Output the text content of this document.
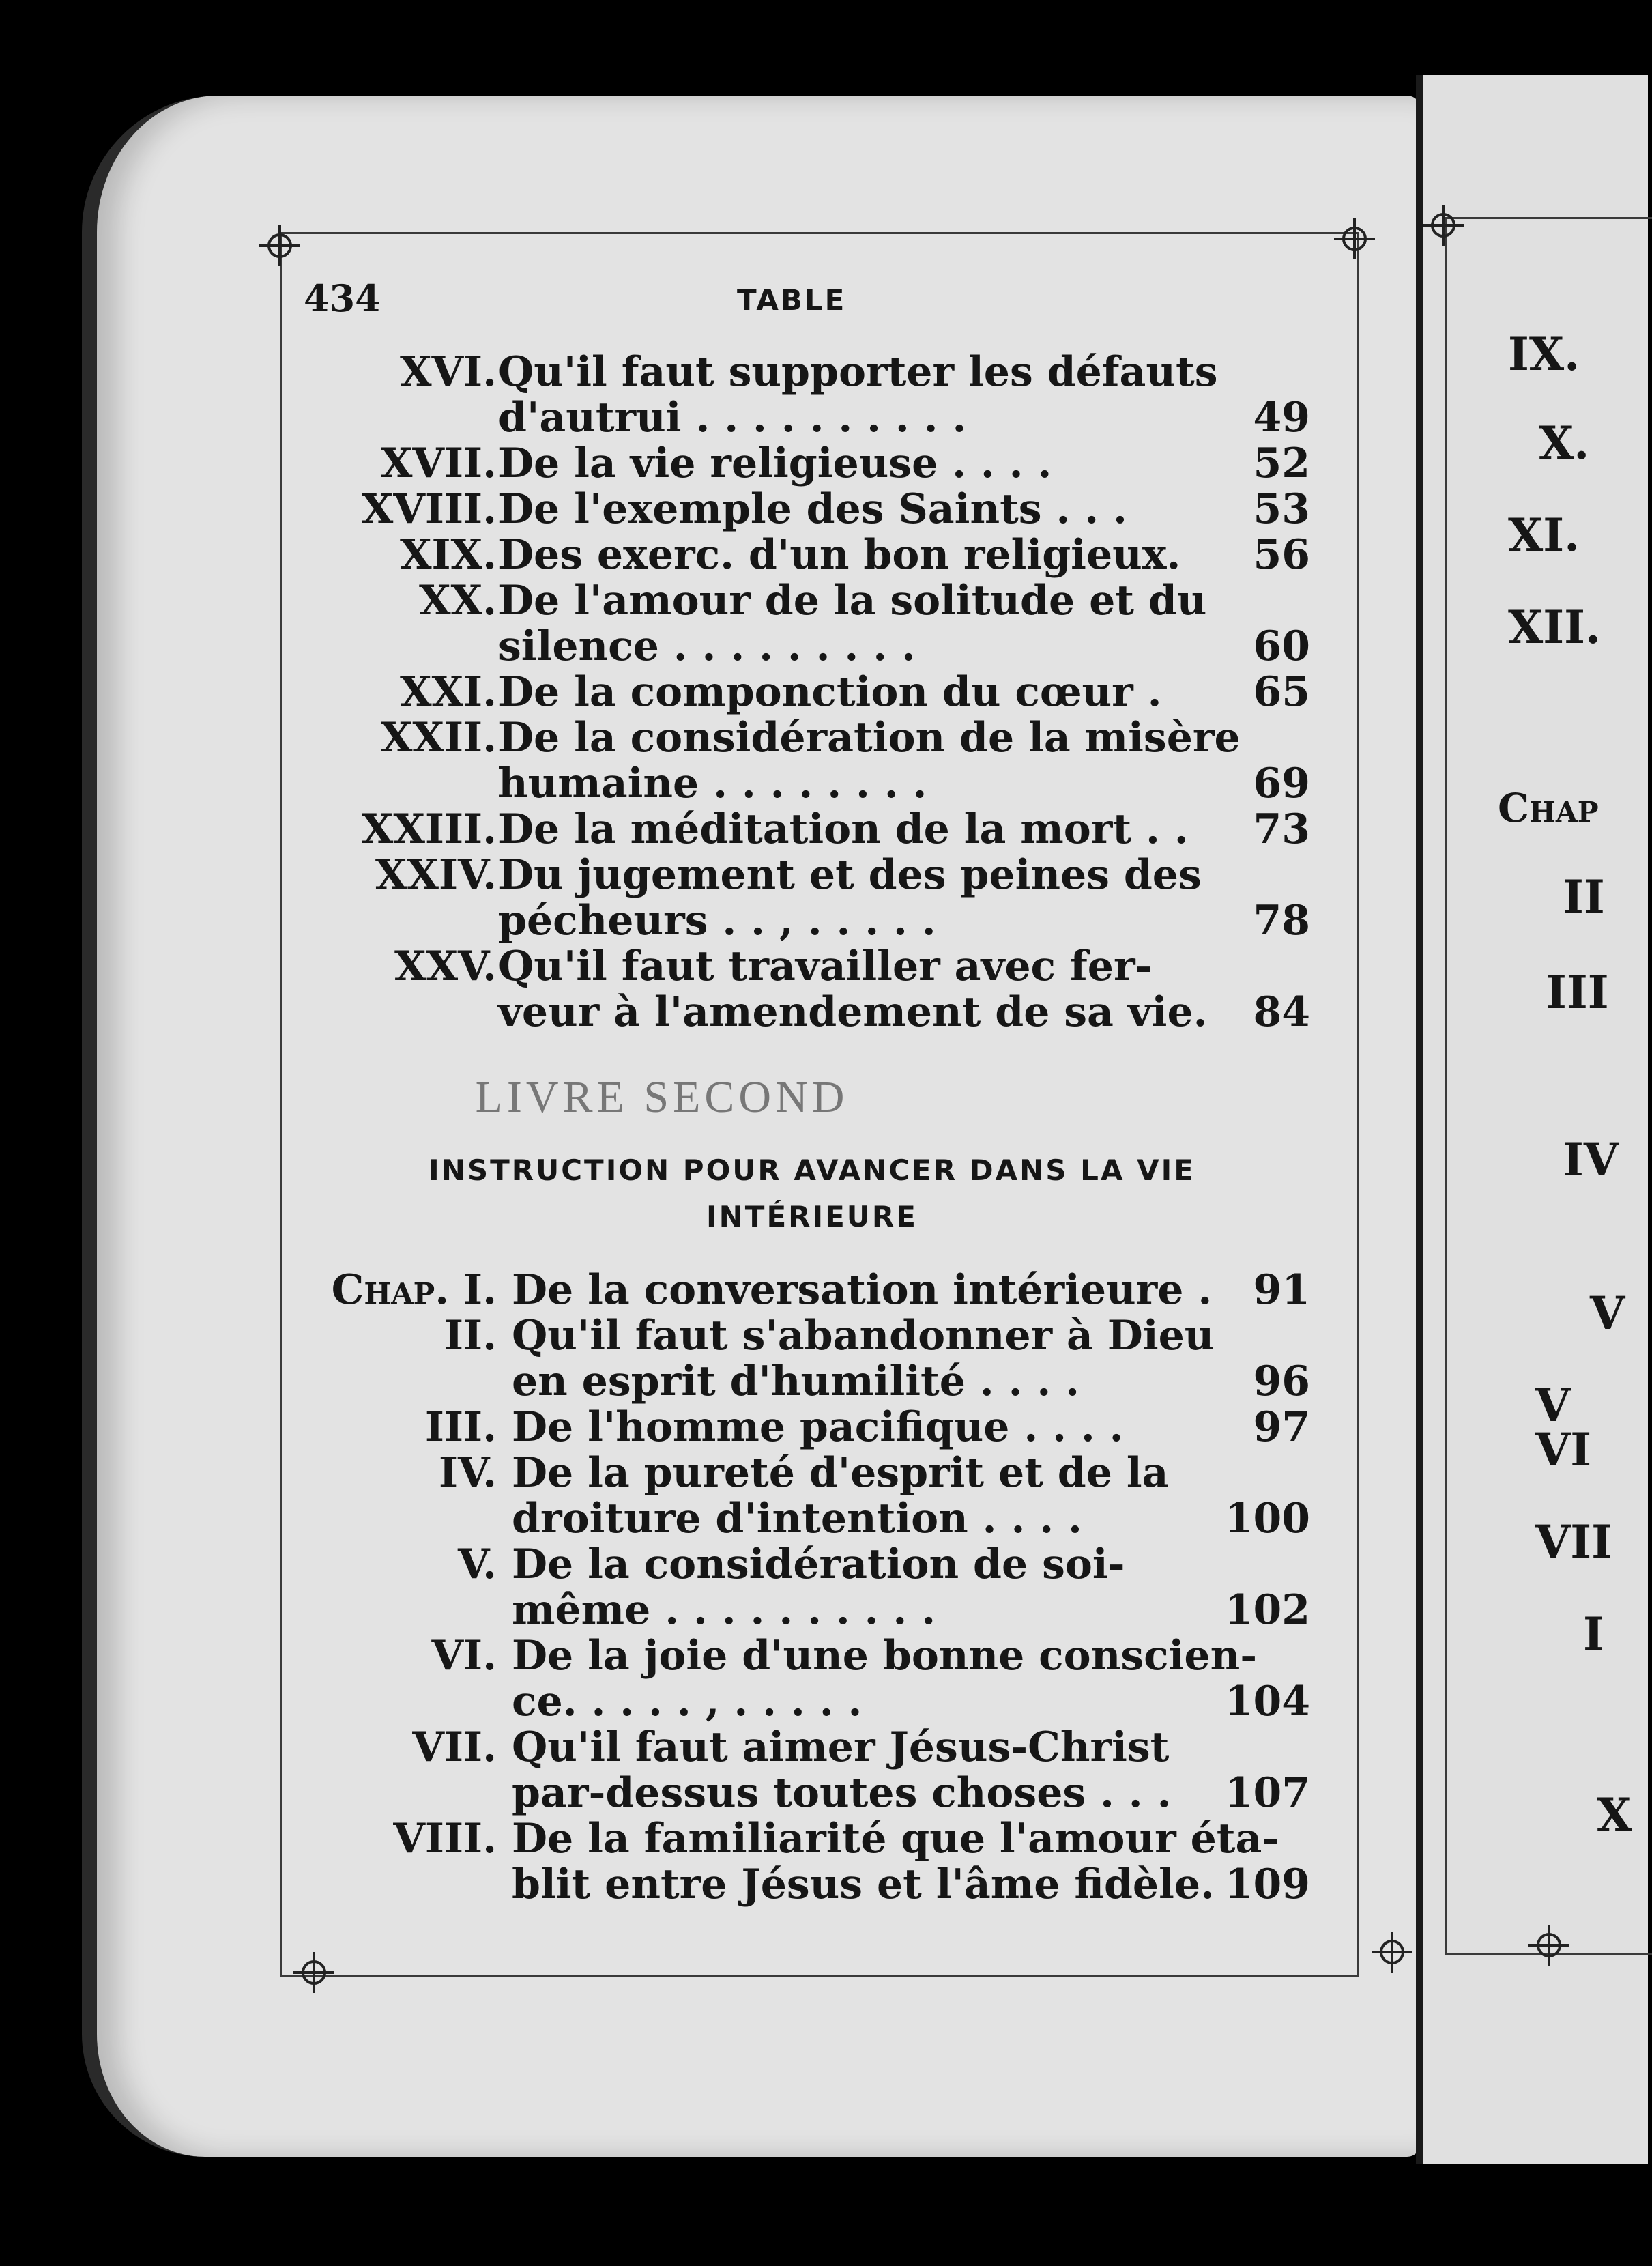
434	TABLE
XVI. Qu'il faut supporter les défauts
d'autrui . . . . . . . . . .	49
XVII. De la vie religieuse . . . .	52
XVIII. De l'exemple des Saints . . .	53
XIX. Des exerc. d'un bon religieux. 56
XX. De l'amour de la solitude et du
silence . . . . . . . . .	60
XXI. De la componction du cœur . 65
XXII. De la considération de la misère
humaine . . . . . . . .	69
XXIII. De la méditation de la mort . . 73
XXIV. Du jugement et des peines des
pécheurs . . , . . . . .	78
XXV. Qu'il faut travailler avec fer-
veur à l'amendement de sa vie. 84
LIVRE SECOND
INSTRUCTION POUR AVANCER DANS LA VIE
INTÉRIEURE
Chap. I. De la conversation intérieure . 91
II. Qu'il faut s'abandonner à Dieu
en esprit d'humilité . . . .	96
III. De l'homme pacifique . . . .	97
IV. De la pureté d'esprit et de la
droiture d'intention . . . .	100
V. De la considération de soi-
même . . . . . . . . . .	102
VI. De la joie d'une bonne conscien-
ce. . . . . , . . . . .	104
VII. Qu'il faut aimer Jésus-Christ
par-dessus toutes choses . . . 107
VIII. De la familiarité que l'amour éta-
blit entre Jésus et l'âme fidèle. 109
IX.
X.
XI.
XII.
Chap
II
III
IV
V
V
VI
VII
I
X
